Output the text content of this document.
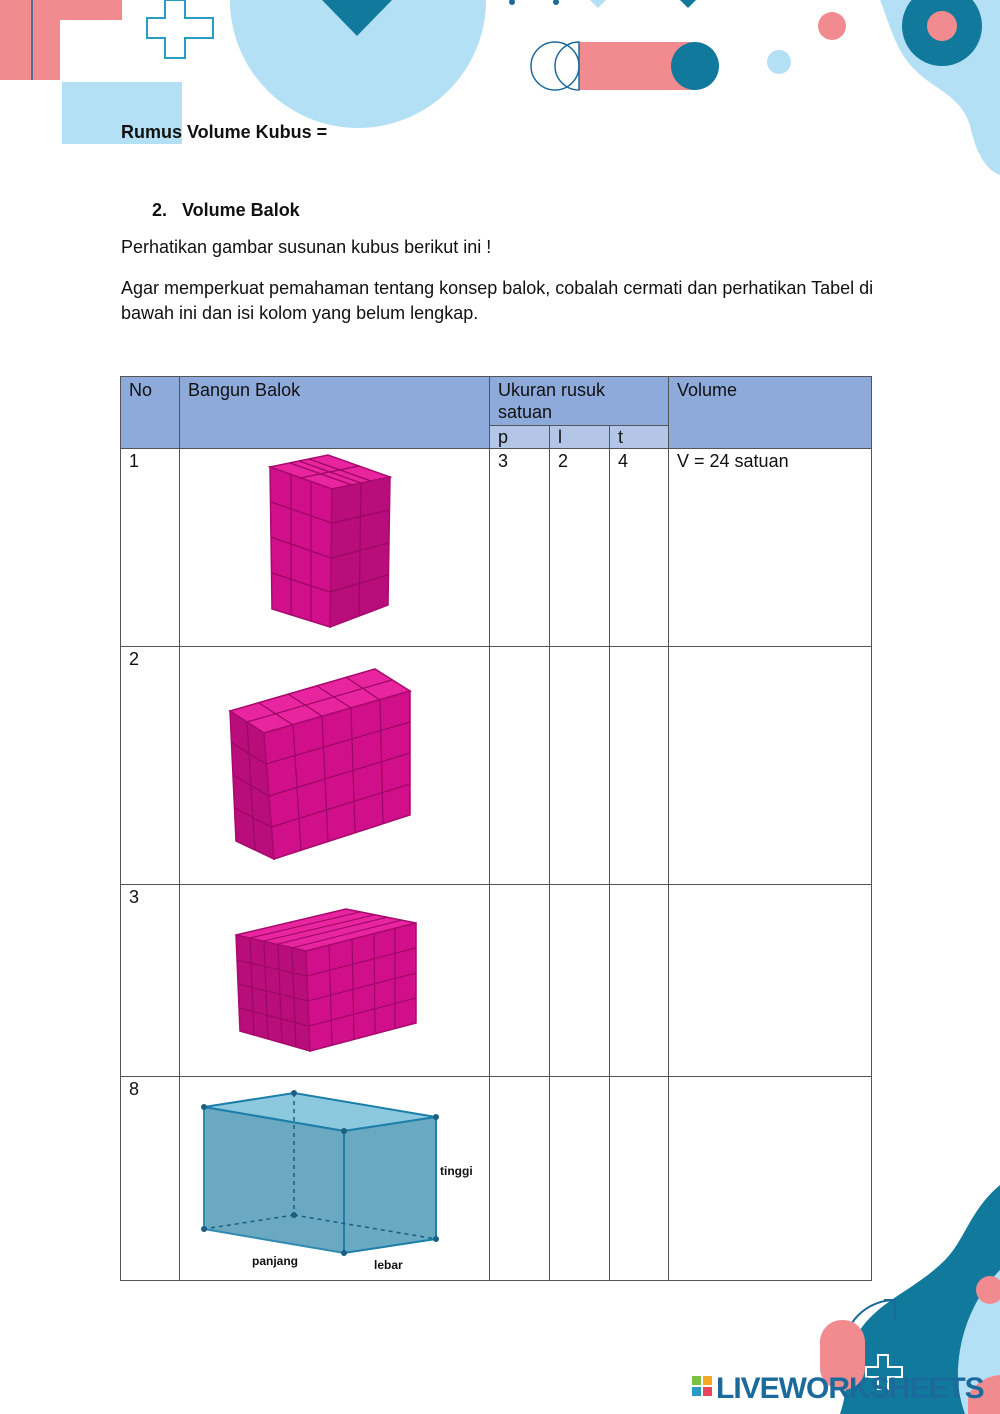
Rumus Volume Kubus =
2. Volume Balok
Perhatikan gambar susunan kubus berikut ini !
Agar memperkuat pemahaman tentang konsep balok, cobalah cermati dan perhatikan Tabel di bawah ini dan isi kolom yang belum lengkap.
No	Bangun Balok	Ukuran rusuk satuan			Volume
		p	l	t	
1		3	2	4	V = 24 satuan
2					
3					
8	tinggi
panjang lebar				

LIVEWORKSHEETS
